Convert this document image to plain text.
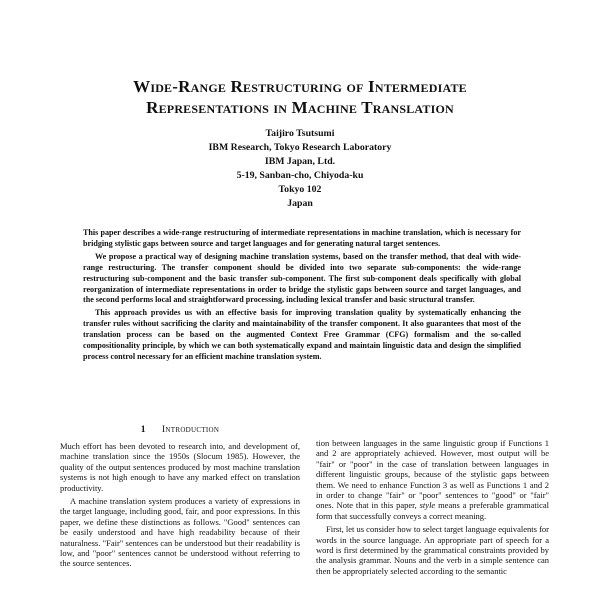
Wide-Range Restructuring of Intermediate
Representations in Machine Translation
Taijiro Tsutsumi
IBM Research, Tokyo Research Laboratory
IBM Japan, Ltd.
5-19, Sanban-cho, Chiyoda-ku
Tokyo 102
Japan

This paper describes a wide-range restructuring of intermediate representations in machine translation, which is necessary for bridging stylistic gaps between source and target languages and for generating natural target sentences.

We propose a practical way of designing machine translation systems, based on the transfer method, that deal with wide-range restructuring. The transfer component should be divided into two separate sub-components: the wide-range restructuring sub-component and the basic transfer sub-component. The first sub-component deals specifically with global reorganization of intermediate representations in order to bridge the stylistic gaps between source and target languages, and the second performs local and straightforward processing, including lexical transfer and basic structural transfer.

This approach provides us with an effective basis for improving translation quality by systematically enhancing the transfer rules without sacrificing the clarity and maintainability of the transfer component. It also guarantees that most of the translation process can be based on the augmented Context Free Grammar (CFG) formalism and the so-called compositionality principle, by which we can both systematically expand and maintain linguistic data and design the simplified process control necessary for an efficient machine translation system.

1 Introduction

Much effort has been devoted to research into, and development of, machine translation since the 1950s (Slocum 1985). However, the quality of the output sentences produced by most machine translation systems is not high enough to have any marked effect on translation productivity.

A machine translation system produces a variety of expressions in the target language, including good, fair, and poor expressions. In this paper, we define these distinctions as follows. "Good" sentences can be easily understood and have high readability because of their naturalness. "Fair" sentences can be understood but their readability is low, and "poor" sentences cannot be understood without referring to the source sentences.

tion between languages in the same linguistic group if Functions 1 and 2 are appropriately achieved. However, most output will be "fair" or "poor" in the case of translation between languages in different linguistic groups, because of the stylistic gaps between them. We need to enhance Function 3 as well as Functions 1 and 2 in order to change "fair" or "poor" sentences to "good" or "fair" ones. Note that in this paper, style means a preferable grammatical form that successfully conveys a correct meaning.

First, let us consider how to select target language equivalents for words in the source language. An appropriate part of speech for a word is first determined by the grammatical constraints provided by the analysis grammar. Nouns and the verb in a simple sentence can then be appropriately selected according to the semantic
